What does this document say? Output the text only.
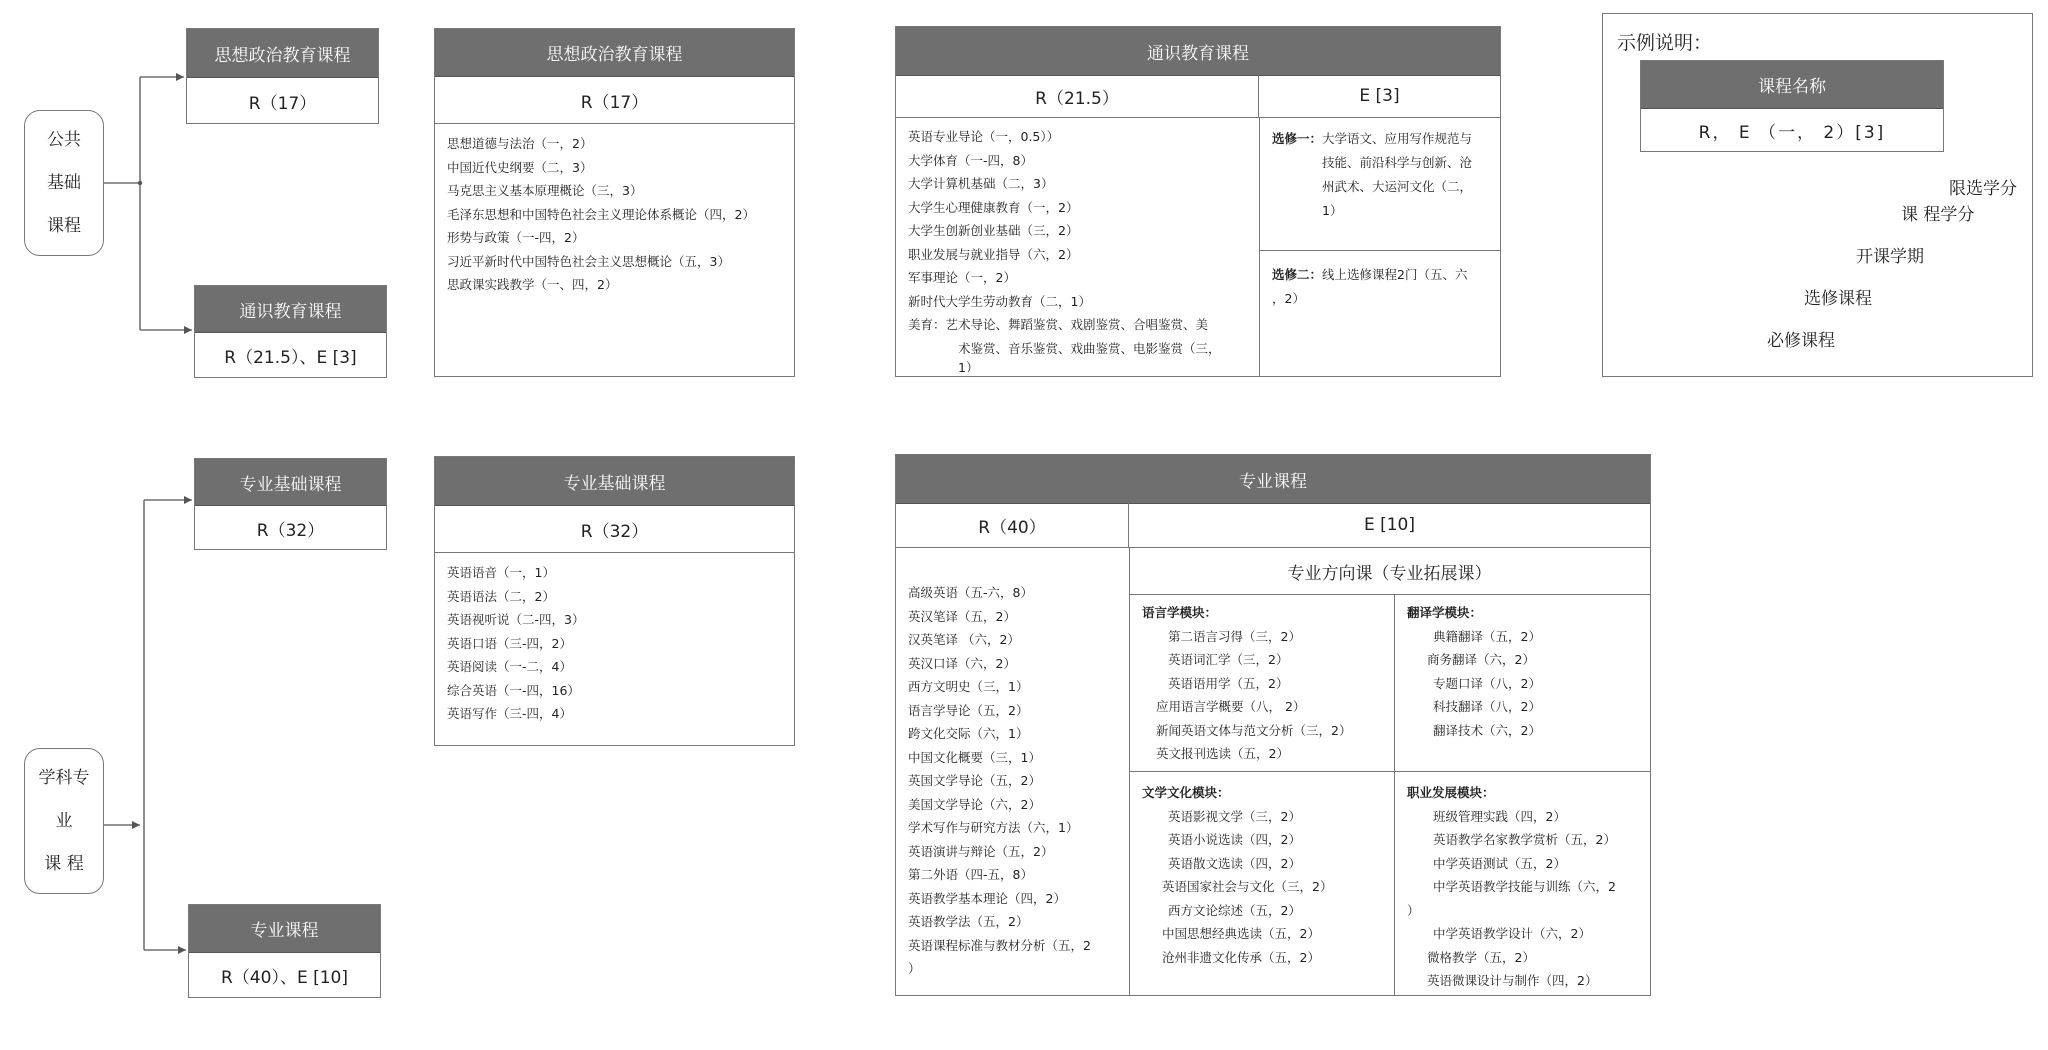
公共
基础
课程
学科专
业
课 程
思想政治教育课程
R（17）
通识教育课程
R（21.5）、E [3]
专业基础课程
R（32）
专业课程
R（40）、E [10]
思想政治教育课程
R（17）
思想道德与法治（一，2）
中国近代史纲要（二，3）
马克思主义基本原理概论（三，3）
毛泽东思想和中国特色社会主义理论体系概论（四，2）
形势与政策（一-四，2）
习近平新时代中国特色社会主义思想概论（五，3）
思政课实践教学（一、四，2）
通识教育课程
R（21.5）	E [3]
英语专业导论（一，0.5））
大学体育（一-四，8）
大学计算机基础（二，3）
大学生心理健康教育（一，2）
大学生创新创业基础（三，2）
职业发展与就业指导（六，2）
军事理论（一，2）
新时代大学生劳动教育（二，1）
美育：艺术导论、舞蹈鉴赏、戏剧鉴赏、合唱鉴赏、美
术鉴赏、音乐鉴赏、戏曲鉴赏、电影鉴赏（三，
1）
选修一：大学语文、应用写作规范与
技能、前沿科学与创新、沧
州武术、大运河文化（二，
1）
选修二：线上选修课程2门（五、六
，2）
示例说明：
课程名称
R， E （一， 2）[3]
限选学分
课 程学分
开课学期
选修课程
必修课程
专业基础课程
R（32）
英语语音（一，1）
英语语法（二，2）
英语视听说（二-四，3）
英语口语（三-四，2）
英语阅读（一-二，4）
综合英语（一-四，16）
英语写作（三-四，4）
专业课程
R（40）	E [10]
专业方向课（专业拓展课）
高级英语（五-六，8）
英汉笔译（五，2）
汉英笔译 （六，2）
英汉口译（六，2）
西方文明史（三，1）
语言学导论（五，2）
跨文化交际（六，1）
中国文化概要（三，1）
英国文学导论（五，2）
美国文学导论（六，2）
学术写作与研究方法（六，1）
英语演讲与辩论（五，2）
第二外语（四-五，8）
英语教学基本理论（四，2）
英语教学法（五，2）
英语课程标准与教材分析（五，2
）
语言学模块：
第二语言习得（三，2）
英语词汇学（三，2）
英语语用学（五，2）
应用语言学概要（八， 2）
新闻英语文体与范文分析（三，2）
英文报刊选读（五，2）
翻译学模块：
典籍翻译（五，2）
商务翻译（六，2）
专题口译（八，2）
科技翻译（八，2）
翻译技术（六，2）
文学文化模块：
英语影视文学（三，2）
英语小说选读（四，2）
英语散文选读（四，2）
英语国家社会与文化（三，2）
西方文论综述（五，2）
中国思想经典选读（五，2）
沧州非遗文化传承（五，2）
职业发展模块：
班级管理实践（四，2）
英语教学名家教学赏析（五，2）
中学英语测试（五，2）
中学英语教学技能与训练（六，2
）
中学英语教学设计（六，2）
微格教学（五，2）
英语微课设计与制作（四，2）
